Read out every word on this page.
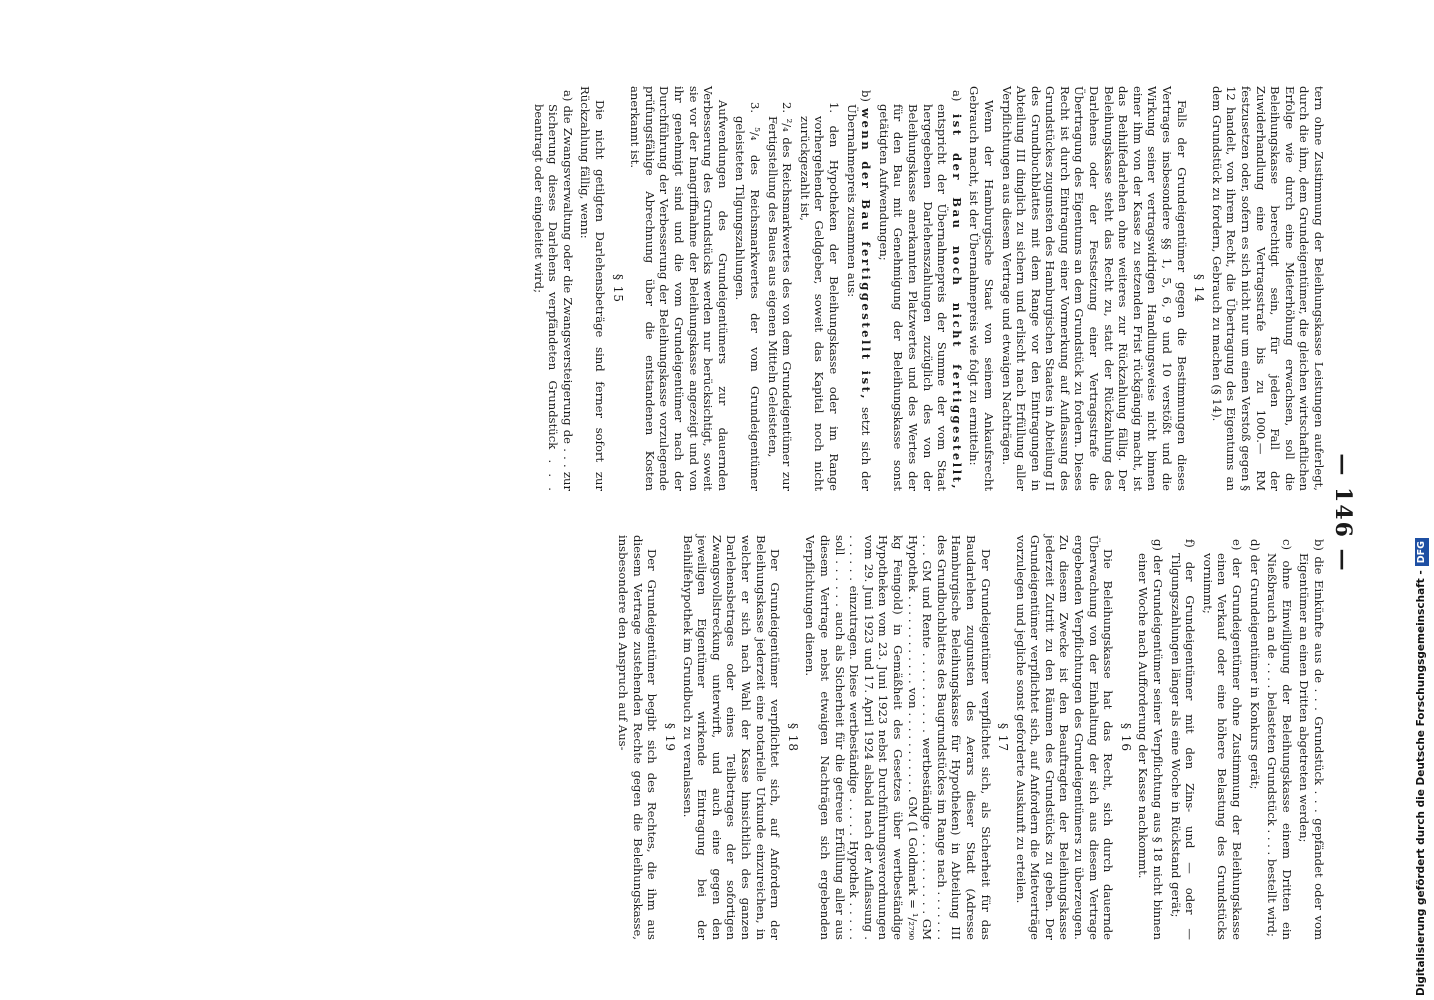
— 146 —

tern ohne Zustimmung der Beleihungskasse Leistungen auferlegt, durch die ihm, dem Grundeigentümer, die gleichen wirtschaftlichen Erfolge wie durch eine Mieterhöhung erwachsen, soll die Beleihungskasse berechtigt sein, für jeden Fall der Zuwiderhandlung eine Vertragsstrafe bis zu 1000.— RM festzusetzen oder, sofern es sich nicht nur um einen Verstoß gegen § 12 handelt, von ihrem Recht, die Übertragung des Eigentums an dem Grundstück zu fordern, Gebrauch zu machen (§ 14).

§ 14

Falls der Grundeigentümer gegen die Bestimmungen dieses Vertrages insbesondere §§ 1, 5, 6, 9 und 10 verstößt und die Wirkung seiner vertragswidrigen Handlungsweise nicht binnen einer ihm von der Kasse zu setzenden Frist rückgängig macht, ist das Beihilfedarlehen ohne weiteres zur Rückzahlung fällig. Der Beleihungskasse steht das Recht zu, statt der Rückzahlung des Darlehens oder der Festsetzung einer Vertragsstrafe die Übertragung des Eigentums an dem Grundstück zu fordern. Dieses Recht ist durch Eintragung einer Vormerkung auf Auflassung des Grundstückes zugunsten des Hamburgischen Staates in Abteilung II des Grundbuchblattes mit dem Range vor den Eintragungen in Abteilung III dinglich zu sichern und erlischt nach Erfüllung aller Verpflichtungen aus diesem Vertrage und etwaigen Nachträgen.

Wenn der Hamburgische Staat von seinem Ankaufsrecht Gebrauch macht, ist der Übernahmepreis wie folgt zu ermitteln:

a) ist der Bau noch nicht fertiggestellt, entspricht der Übernahmepreis der Summe der vom Staat hergegebenen Darlehenszahlungen zuzüglich des von der Beleihungskasse anerkannten Platzwertes und des Wertes der für den Bau mit Genehmigung der Beleihungskasse sonst getätigten Aufwendungen;

b) wenn der Bau fertiggestellt ist, setzt sich der Übernahmepreis zusammen aus:

1. den Hypotheken der Beleihungskasse oder im Range vorhergehender Geldgeber, soweit das Kapital noch nicht zurückgezahlt ist,

2. ²/₄ des Reichsmarkwertes des von dem Grundeigentümer zur Fertigstellung des Baues aus eigenen Mitteln Geleisteten,

3. ⁵/₄ des Reichsmarkwertes der vom Grundeigentümer geleisteten Tilgungszahlungen.

Aufwendungen des Grundeigentümers zur dauernden Verbesserung des Grundstücks werden nur berücksichtigt, soweit sie vor der Inangriffnahme der Beleihungskasse angezeigt und von ihr genehmigt sind und die vom Grundeigentümer nach der Durchführung der Verbesserung der Beleihungskasse vorzulegende prüfungsfähige Abrechnung über die entstandenen Kosten anerkannt ist.

§ 15

Die nicht getilgten Darlehensbeträge sind ferner sofort zur Rückzahlung fällig, wenn:

a) die Zwangsverwaltung oder die Zwangsversteigerung de . . . zur Sicherung dieses Darlehens verpfändeten Grundstück . . . beantragt oder eingeleitet wird;

b) die Einkünfte aus de . . . Grundstück . . . gepfändet oder vom Eigentümer an einen Dritten abgetreten werden;

c) ohne Einwilligung der Beleihungskasse einem Dritten ein Nießbrauch an de . . . . belasteten Grundstück . . . . bestellt wird;

d) der Grundeigentümer in Konkurs gerät;

e) der Grundeigentümer ohne Zustimmung der Beleihungskasse einen Verkauf oder eine höhere Belastung des Grundstücks vornimmt;

f) der Grundeigentümer mit den Zins- und — oder — Tilgungszahlungen länger als eine Woche in Rückstand gerät;

g) der Grundeigentümer seiner Verpflichtung aus § 18 nicht binnen einer Woche nach Aufforderung der Kasse nachkommt.

§ 16

Die Beleihungskasse hat das Recht, sich durch dauernde Überwachung von der Einhaltung der sich aus diesem Vertrage ergebenden Verpflichtungen des Grundeigentümers zu überzeugen. Zu diesem Zwecke ist den Beauftragten der Beleihungskasse jederzeit Zutritt zu den Räumen des Grundstücks zu geben. Der Grundeigentümer verpflichtet sich, auf Anfordern die Mietverträge vorzulegen und jegliche sonst geforderte Auskunft zu erteilen.

§ 17

Der Grundeigentümer verpflichtet sich, als Sicherheit für das Baudarlehen zugunsten des Aerars dieser Stadt (Adresse Hamburgische Beleihungskasse für Hypotheken) in Abteilung III des Grundbuchblattes des Baugrundstückes im Range nach . . . . . . . . . . GM und Rente . . . . . . . . . . wertbeständige . . . . . . . . . . GM Hypothek . . . . . . . . . . . . von . . . . . . . . . . . GM (1 Goldmark = ¹/₂₇₉₀ kg Feingold) in Gemäßheit des Gesetzes über wertbeständige Hypotheken vom 23. Juni 1923 nebst Durchführungsverordnungen vom 29. Juni 1923 und 17. April 1924 alsbald nach der Auflassung . . . . . . . einzutragen. Diese wertbeständige . . . . . Hypothek . . . . . soll . . . . . . auch als Sicherheit für die getreue Erfüllung aller aus diesem Vertrage nebst etwaigen Nachträgen sich ergebenden Verpflichtungen dienen.

§ 18

Der Grundeigentümer verpflichtet sich, auf Anfordern der Beleihungskasse jederzeit eine notarielle Urkunde einzureichen, in welcher er sich nach Wahl der Kasse hinsichtlich des ganzen Darlehensbetrages oder eines Teilbetrages der sofortigen Zwangsvollstreckung unterwirft, und auch eine gegen den jeweiligen Eigentümer wirkende Eintragung bei der Beihilfehypothek im Grundbuch zu veranlassen.

§ 19

Der Grundeigentümer begibt sich des Rechtes, die ihm aus diesem Vertrage zustehenden Rechte gegen die Beleihungskasse, insbesondere den Anspruch auf Aus-	Digitalisierung gefördert durch die Deutsche Forschungsgemeinschaft -DFG
